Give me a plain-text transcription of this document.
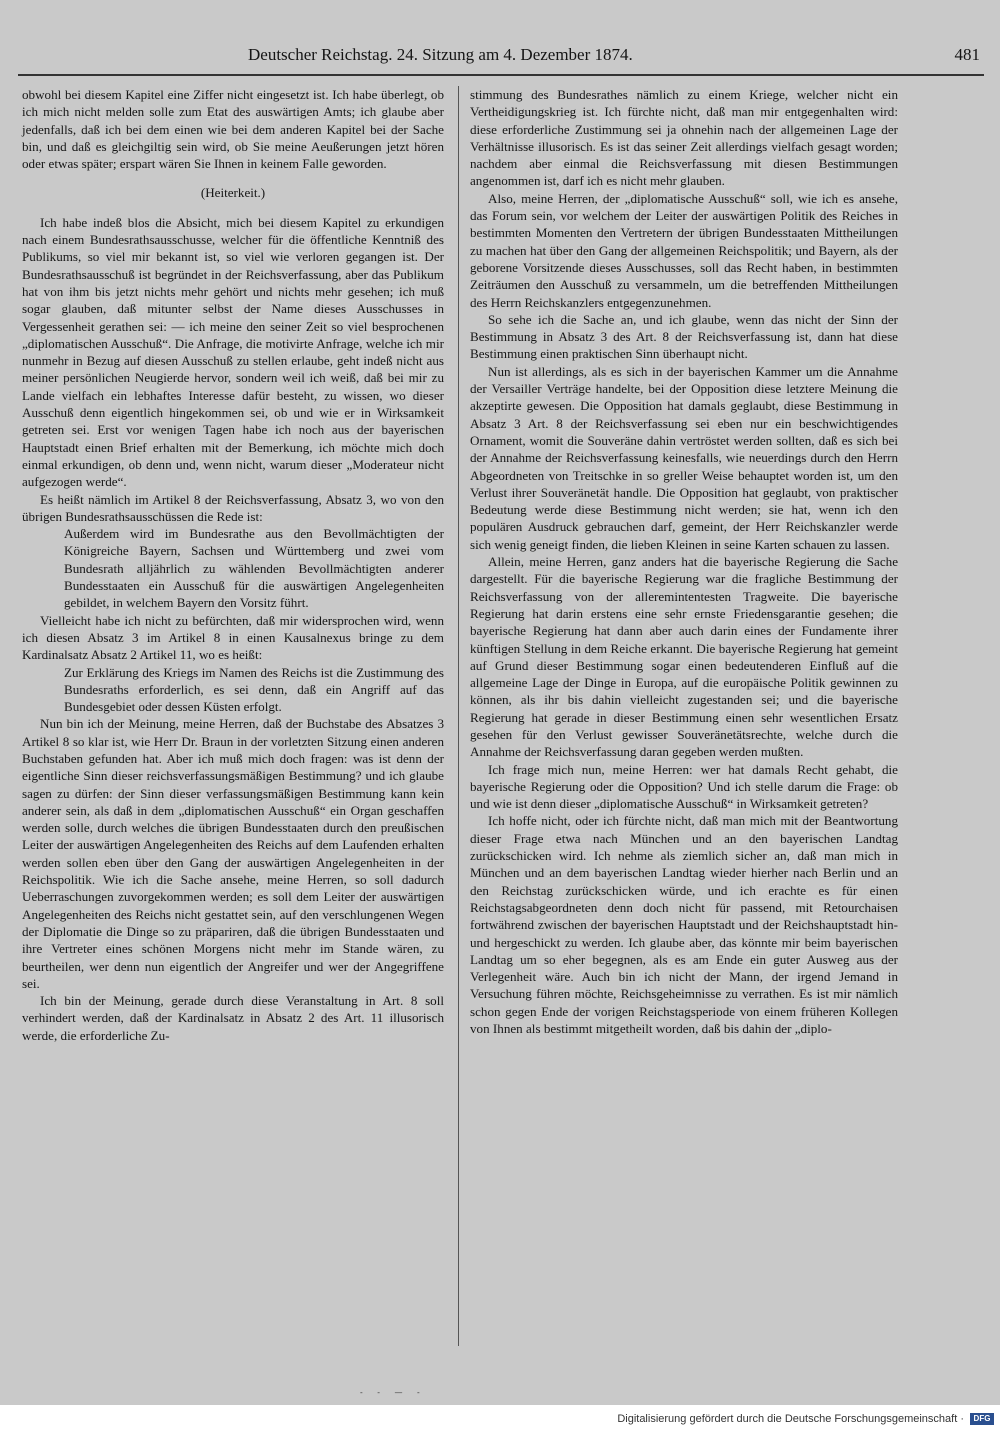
Deutscher Reichstag. 24. Sitzung am 4. Dezember 1874.	481

obwohl bei diesem Kapitel eine Ziffer nicht eingesetzt ist. Ich habe überlegt, ob ich mich nicht melden solle zum Etat des auswärtigen Amts; ich glaube aber jedenfalls, daß ich bei dem einen wie bei dem anderen Kapitel bei der Sache bin, und daß es gleichgiltig sein wird, ob Sie meine Aeußerungen jetzt hören oder etwas später; erspart wären Sie Ihnen in keinem Falle geworden.

(Heiterkeit.)

Ich habe indeß blos die Absicht, mich bei diesem Kapitel zu erkundigen nach einem Bundesrathsausschusse, welcher für die öffentliche Kenntniß des Publikums, so viel mir bekannt ist, so viel wie verloren gegangen ist. Der Bundesrathsausschuß ist begründet in der Reichsverfassung, aber das Publikum hat von ihm bis jetzt nichts mehr gehört und nichts mehr gesehen; ich muß sogar glauben, daß mitunter selbst der Name dieses Ausschusses in Vergessenheit gerathen sei: — ich meine den seiner Zeit so viel besprochenen „diplomatischen Ausschuß“. Die Anfrage, die motivirte Anfrage, welche ich mir nunmehr in Bezug auf diesen Ausschuß zu stellen erlaube, geht indeß nicht aus meiner persönlichen Neugierde hervor, sondern weil ich weiß, daß bei mir zu Lande vielfach ein lebhaftes Interesse dafür besteht, zu wissen, wo dieser Ausschuß denn eigentlich hingekommen sei, ob und wie er in Wirksamkeit getreten sei. Erst vor wenigen Tagen habe ich noch aus der bayerischen Hauptstadt einen Brief erhalten mit der Bemerkung, ich möchte mich doch einmal erkundigen, ob denn und, wenn nicht, warum dieser „Moderateur nicht aufgezogen werde“.

Es heißt nämlich im Artikel 8 der Reichsverfassung, Absatz 3, wo von den übrigen Bundesrathsausschüssen die Rede ist:

Außerdem wird im Bundesrathe aus den Bevollmächtigten der Königreiche Bayern, Sachsen und Württemberg und zwei vom Bundesrath alljährlich zu wählenden Bevollmächtigten anderer Bundesstaaten ein Ausschuß für die auswärtigen Angelegenheiten gebildet, in welchem Bayern den Vorsitz führt.

Vielleicht habe ich nicht zu befürchten, daß mir widersprochen wird, wenn ich diesen Absatz 3 im Artikel 8 in einen Kausalnexus bringe zu dem Kardinalsatz Absatz 2 Artikel 11, wo es heißt:

Zur Erklärung des Kriegs im Namen des Reichs ist die Zustimmung des Bundesraths erforderlich, es sei denn, daß ein Angriff auf das Bundesgebiet oder dessen Küsten erfolgt.

Nun bin ich der Meinung, meine Herren, daß der Buchstabe des Absatzes 3 Artikel 8 so klar ist, wie Herr Dr. Braun in der vorletzten Sitzung einen anderen Buchstaben gefunden hat. Aber ich muß mich doch fragen: was ist denn der eigentliche Sinn dieser reichsverfassungsmäßigen Bestimmung? und ich glaube sagen zu dürfen: der Sinn dieser verfassungsmäßigen Bestimmung kann kein anderer sein, als daß in dem „diplomatischen Ausschuß“ ein Organ geschaffen werden solle, durch welches die übrigen Bundesstaaten durch den preußischen Leiter der auswärtigen Angelegenheiten des Reichs auf dem Laufenden erhalten werden sollen eben über den Gang der auswärtigen Angelegenheiten in der Reichspolitik. Wie ich die Sache ansehe, meine Herren, so soll dadurch Ueberraschungen zuvorgekommen werden; es soll dem Leiter der auswärtigen Angelegenheiten des Reichs nicht gestattet sein, auf den verschlungenen Wegen der Diplomatie die Dinge so zu präpariren, daß die übrigen Bundesstaaten und ihre Vertreter eines schönen Morgens nicht mehr im Stande wären, zu beurtheilen, wer denn nun eigentlich der Angreifer und wer der Angegriffene sei.

Ich bin der Meinung, gerade durch diese Veranstaltung in Art. 8 soll verhindert werden, daß der Kardinalsatz in Absatz 2 des Art. 11 illusorisch werde, die erforderliche Zu-

stimmung des Bundesrathes nämlich zu einem Kriege, welcher nicht ein Vertheidigungskrieg ist. Ich fürchte nicht, daß man mir entgegenhalten wird: diese erforderliche Zustimmung sei ja ohnehin nach der allgemeinen Lage der Verhältnisse illusorisch. Es ist das seiner Zeit allerdings vielfach gesagt worden; nachdem aber einmal die Reichsverfassung mit diesen Bestimmungen angenommen ist, darf ich es nicht mehr glauben.

Also, meine Herren, der „diplomatische Ausschuß“ soll, wie ich es ansehe, das Forum sein, vor welchem der Leiter der auswärtigen Politik des Reiches in bestimmten Momenten den Vertretern der übrigen Bundesstaaten Mittheilungen zu machen hat über den Gang der allgemeinen Reichspolitik; und Bayern, als der geborene Vorsitzende dieses Ausschusses, soll das Recht haben, in bestimmten Zeiträumen den Ausschuß zu versammeln, um die betreffenden Mittheilungen des Herrn Reichskanzlers entgegenzunehmen.

So sehe ich die Sache an, und ich glaube, wenn das nicht der Sinn der Bestimmung in Absatz 3 des Art. 8 der Reichsverfassung ist, dann hat diese Bestimmung einen praktischen Sinn überhaupt nicht.

Nun ist allerdings, als es sich in der bayerischen Kammer um die Annahme der Versailler Verträge handelte, bei der Opposition diese letztere Meinung die akzeptirte gewesen. Die Opposition hat damals geglaubt, diese Bestimmung in Absatz 3 Art. 8 der Reichsverfassung sei eben nur ein beschwichtigendes Ornament, womit die Souveräne dahin vertröstet werden sollten, daß es sich bei der Annahme der Reichsverfassung keinesfalls, wie neuerdings durch den Herrn Abgeordneten von Treitschke in so greller Weise behauptet worden ist, um den Verlust ihrer Souveränetät handle. Die Opposition hat geglaubt, von praktischer Bedeutung werde diese Bestimmung nicht werden; sie hat, wenn ich den populären Ausdruck gebrauchen darf, gemeint, der Herr Reichskanzler werde sich wenig geneigt finden, die lieben Kleinen in seine Karten schauen zu lassen.

Allein, meine Herren, ganz anders hat die bayerische Regierung die Sache dargestellt. Für die bayerische Regierung war die fragliche Bestimmung der Reichsverfassung von der alleremintentesten Tragweite. Die bayerische Regierung hat darin erstens eine sehr ernste Friedensgarantie gesehen; die bayerische Regierung hat dann aber auch darin eines der Fundamente ihrer künftigen Stellung in dem Reiche erkannt. Die bayerische Regierung hat gemeint auf Grund dieser Bestimmung sogar einen bedeutenderen Einfluß auf die allgemeine Lage der Dinge in Europa, auf die europäische Politik gewinnen zu können, als ihr bis dahin vielleicht zugestanden sei; und die bayerische Regierung hat gerade in dieser Bestimmung einen sehr wesentlichen Ersatz gesehen für den Verlust gewisser Souveränetätsrechte, welche durch die Annahme der Reichsverfassung daran gegeben werden mußten.

Ich frage mich nun, meine Herren: wer hat damals Recht gehabt, die bayerische Regierung oder die Opposition? Und ich stelle darum die Frage: ob und wie ist denn dieser „diplomatische Ausschuß“ in Wirksamkeit getreten?

Ich hoffe nicht, oder ich fürchte nicht, daß man mich mit der Beantwortung dieser Frage etwa nach München und an den bayerischen Landtag zurückschicken wird. Ich nehme als ziemlich sicher an, daß man mich in München und an dem bayerischen Landtag wieder hierher nach Berlin und an den Reichstag zurückschicken würde, und ich erachte es für einen Reichstagsabgeordneten denn doch nicht für passend, mit Retourchaisen fortwährend zwischen der bayerischen Hauptstadt und der Reichshauptstadt hin- und hergeschickt zu werden. Ich glaube aber, das könnte mir beim bayerischen Landtag um so eher begegnen, als es am Ende ein guter Ausweg aus der Verlegenheit wäre. Auch bin ich nicht der Mann, der irgend Jemand in Versuchung führen möchte, Reichsgeheimnisse zu verrathen. Es ist mir nämlich schon gegen Ende der vorigen Reichstagsperiode von einem früheren Kollegen von Ihnen als bestimmt mitgetheilt worden, daß bis dahin der „diplo-

- - — -
Digitalisierung gefördert durch die Deutsche Forschungsgemeinschaft ·	DFG
